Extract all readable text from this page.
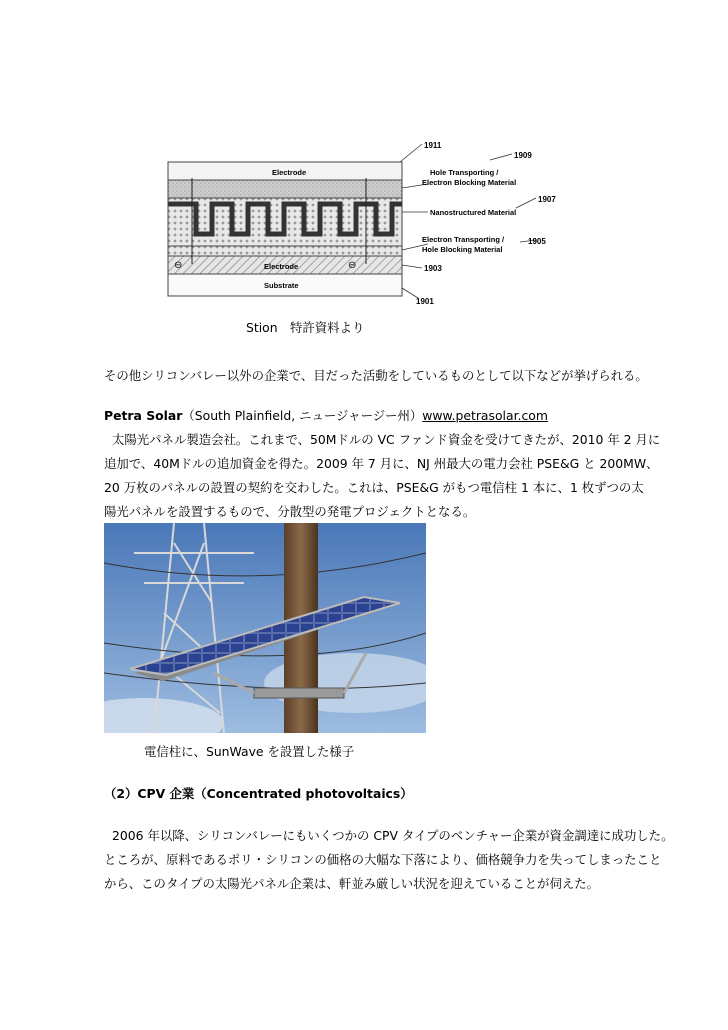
Electrode
Electrode
Substrate
⊖	⊖
1911
1909
Hole Transporting /
Electron Blocking Material
1907
Nanostructured Material
Electron Transporting /	1905
Hole Blocking Material
1903
1901
Stion　特許資料より
その他シリコンバレー以外の企業で、目だった活動をしているものとして以下などが挙げられる。
Petra Solar（South Plainfield, ニュージャージー州）www.petrasolar.com
太陽光パネル製造会社。これまで、50Mドルの VC ファンド資金を受けてきたが、2010 年 2 月に
追加で、40Mドルの追加資金を得た。2009 年 7 月に、NJ 州最大の電力会社 PSE&G と 200MW、
20 万枚のパネルの設置の契約を交わした。これは、PSE&G がもつ電信柱 1 本に、1 枚ずつの太
陽光パネルを設置するもので、分散型の発電プロジェクトとなる。
電信柱に、SunWave を設置した様子
（2）CPV 企業（Concentrated photovoltaics）
2006 年以降、シリコンバレーにもいくつかの CPV タイプのベンチャー企業が資金調達に成功した。
ところが、原料であるポリ・シリコンの価格の大幅な下落により、価格競争力を失ってしまったこと
から、このタイプの太陽光パネル企業は、軒並み厳しい状況を迎えていることが伺えた。
